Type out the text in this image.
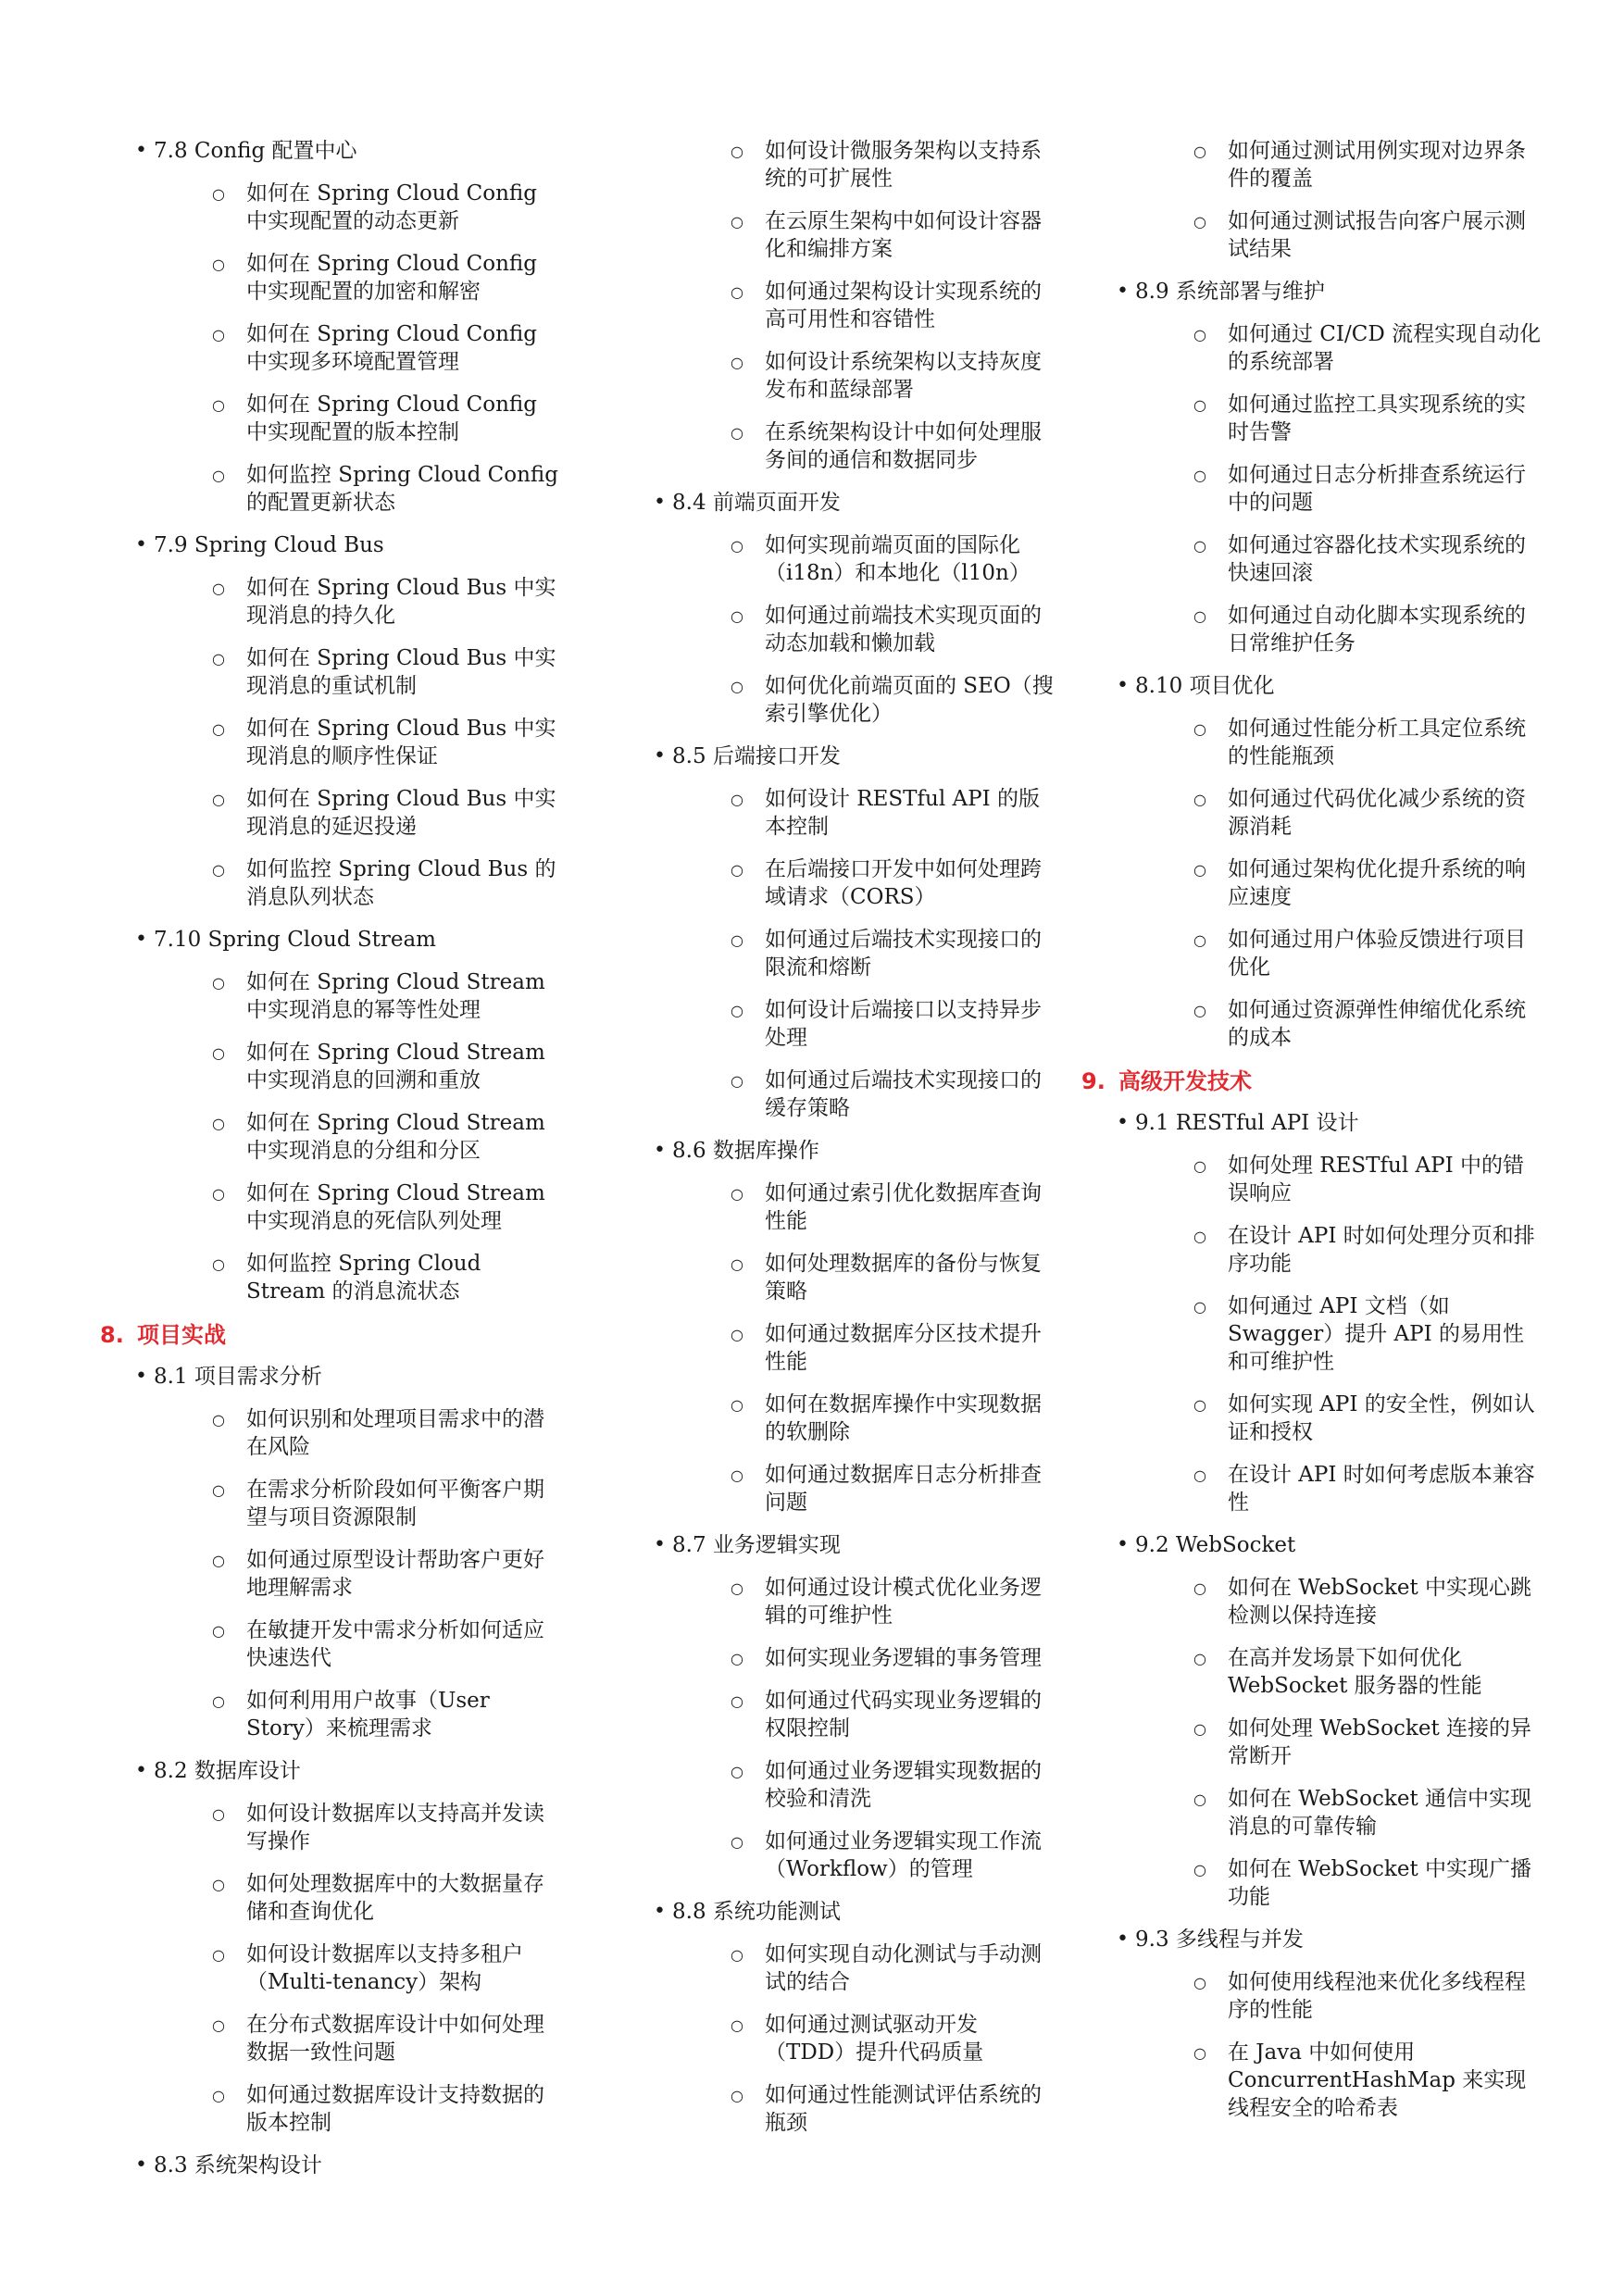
• 7.8 Config 配置中心
○ 如何在 Spring Cloud Config 中实现配置的动态更新
○ 如何在 Spring Cloud Config 中实现配置的加密和解密
○ 如何在 Spring Cloud Config 中实现多环境配置管理
○ 如何在 Spring Cloud Config 中实现配置的版本控制
○ 如何监控 Spring Cloud Config 的配置更新状态
• 7.9 Spring Cloud Bus
○ 如何在 Spring Cloud Bus 中实现消息的持久化
○ 如何在 Spring Cloud Bus 中实现消息的重试机制
○ 如何在 Spring Cloud Bus 中实现消息的顺序性保证
○ 如何在 Spring Cloud Bus 中实现消息的延迟投递
○ 如何监控 Spring Cloud Bus 的消息队列状态
• 7.10 Spring Cloud Stream
○ 如何在 Spring Cloud Stream 中实现消息的幂等性处理
○ 如何在 Spring Cloud Stream 中实现消息的回溯和重放
○ 如何在 Spring Cloud Stream 中实现消息的分组和分区
○ 如何在 Spring Cloud Stream 中实现消息的死信队列处理
○ 如何监控 Spring Cloud Stream 的消息流状态
8. 项目实战
• 8.1 项目需求分析
○ 如何识别和处理项目需求中的潜在风险
○ 在需求分析阶段如何平衡客户期望与项目资源限制
○ 如何通过原型设计帮助客户更好地理解需求
○ 在敏捷开发中需求分析如何适应快速迭代
○ 如何利用用户故事（User Story）来梳理需求
• 8.2 数据库设计
○ 如何设计数据库以支持高并发读写操作
○ 如何处理数据库中的大数据量存储和查询优化
○ 如何设计数据库以支持多租户（Multi-tenancy）架构
○ 在分布式数据库设计中如何处理数据一致性问题
○ 如何通过数据库设计支持数据的版本控制
• 8.3 系统架构设计
○ 如何设计微服务架构以支持系统的可扩展性
○ 在云原生架构中如何设计容器化和编排方案
○ 如何通过架构设计实现系统的高可用性和容错性
○ 如何设计系统架构以支持灰度发布和蓝绿部署
○ 在系统架构设计中如何处理服务间的通信和数据同步
• 8.4 前端页面开发
○ 如何实现前端页面的国际化（i18n）和本地化（l10n）
○ 如何通过前端技术实现页面的动态加载和懒加载
○ 如何优化前端页面的 SEO（搜索引擎优化）
• 8.5 后端接口开发
○ 如何设计 RESTful API 的版本控制
○ 在后端接口开发中如何处理跨域请求（CORS）
○ 如何通过后端技术实现接口的限流和熔断
○ 如何设计后端接口以支持异步处理
○ 如何通过后端技术实现接口的缓存策略
• 8.6 数据库操作
○ 如何通过索引优化数据库查询性能
○ 如何处理数据库的备份与恢复策略
○ 如何通过数据库分区技术提升性能
○ 如何在数据库操作中实现数据的软删除
○ 如何通过数据库日志分析排查问题
• 8.7 业务逻辑实现
○ 如何通过设计模式优化业务逻辑的可维护性
○ 如何实现业务逻辑的事务管理
○ 如何通过代码实现业务逻辑的权限控制
○ 如何通过业务逻辑实现数据的校验和清洗
○ 如何通过业务逻辑实现工作流（Workflow）的管理
• 8.8 系统功能测试
○ 如何实现自动化测试与手动测试的结合
○ 如何通过测试驱动开发（TDD）提升代码质量
○ 如何通过性能测试评估系统的瓶颈
○ 如何通过测试用例实现对边界条件的覆盖
○ 如何通过测试报告向客户展示测试结果
• 8.9 系统部署与维护
○ 如何通过 CI/CD 流程实现自动化的系统部署
○ 如何通过监控工具实现系统的实时告警
○ 如何通过日志分析排查系统运行中的问题
○ 如何通过容器化技术实现系统的快速回滚
○ 如何通过自动化脚本实现系统的日常维护任务
• 8.10 项目优化
○ 如何通过性能分析工具定位系统的性能瓶颈
○ 如何通过代码优化减少系统的资源消耗
○ 如何通过架构优化提升系统的响应速度
○ 如何通过用户体验反馈进行项目优化
○ 如何通过资源弹性伸缩优化系统的成本
9. 高级开发技术
• 9.1 RESTful API 设计
○ 如何处理 RESTful API 中的错误响应
○ 在设计 API 时如何处理分页和排序功能
○ 如何通过 API 文档（如 Swagger）提升 API 的易用性和可维护性
○ 如何实现 API 的安全性，例如认证和授权
○ 在设计 API 时如何考虑版本兼容性
• 9.2 WebSocket
○ 如何在 WebSocket 中实现心跳检测以保持连接
○ 在高并发场景下如何优化 WebSocket 服务器的性能
○ 如何处理 WebSocket 连接的异常断开
○ 如何在 WebSocket 通信中实现消息的可靠传输
○ 如何在 WebSocket 中实现广播功能
• 9.3 多线程与并发
○ 如何使用线程池来优化多线程程序的性能
○ 在 Java 中如何使用 ConcurrentHashMap 来实现线程安全的哈希表
